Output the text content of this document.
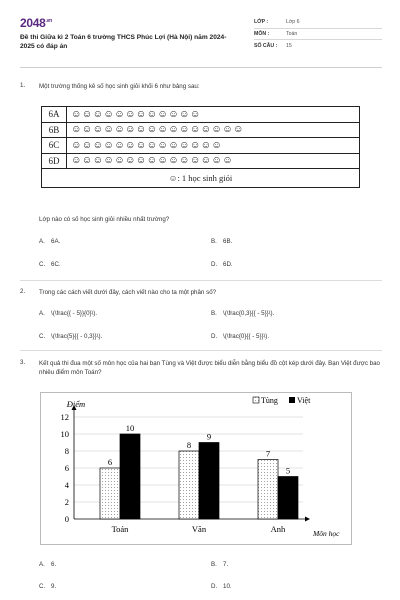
$2048^{.vn}$
Đề thi Giữa kì 2 Toán 6 trường THCS Phúc Lợi (Hà Nội) năm 2024-2025 có đáp án
LỚP :	Lớp 6
MÔN :	Toán
SỐ CÂU :	15
1. Một trường thống kê số học sinh giỏi khối 6 như bảng sau:
6A	☺☺☺☺☺☺☺☺☺☺☺☺
6B	☺☺☺☺☺☺☺☺☺☺☺☺☺☺☺☺
6C	☺☺☺☺☺☺☺☺☺☺☺☺☺☺
6D	☺☺☺☺☺☺☺☺☺☺☺☺☺☺☺
☺: 1 học sinh giỏi	
Lớp nào có số học sinh giỏi nhiều nhất trường?
A. 6A.	B. 6B.
C. 6C.	D. 6D.
2. Trong các cách viết dưới đây, cách viết nào cho ta một phân số?
A. \(\frac{{ - 5}}{0}\).	B. \(\frac{0,3}{{ - 5}}\).
C. \(\frac{5}{{ - 0,3}}\).	D. \(\frac{0}{{ - 5}}\).
3. Kết quả thi đua một số môn học của hai bạn Tùng và Việt được biểu diễn bằng biểu đồ cột kép dưới đây. Bạn Việt được bao nhiêu điểm môn Toán?
0
2
4
6
8
10
12
Điểm
Môn học
6
10
Toán
8
9
Văn
7
5
Anh
Tùng Việt
A. 6.	B. 7.
C. 9.	D. 10.
